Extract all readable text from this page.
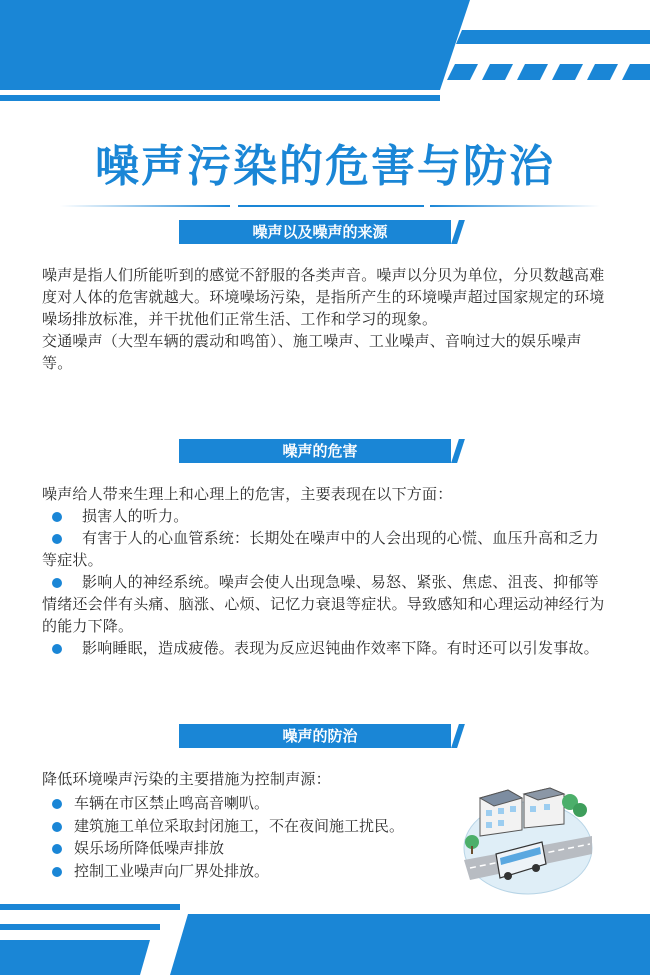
噪声污染的危害与防治
噪声以及噪声的来源

噪声是指人们所能听到的感觉不舒服的各类声音。噪声以分贝为单位，分贝数越高难度对人体的危害就越大。环境噪场污染，是指所产生的环境噪声超过国家规定的环境噪场排放标准，并干扰他们正常生活、工作和学习的现象。

交通噪声（大型车辆的震动和鸣笛）、施工噪声、工业噪声、音响过大的娱乐噪声等。

噪声的危害

噪声给人带来生理上和心理上的危害，主要表现在以下方面：

损害人的听力。

有害于人的心血管系统：长期处在噪声中的人会出现的心慌、血压升高和乏力等症状。

影响人的神经系统。噪声会使人出现急噪、易怒、紧张、焦虑、沮丧、抑郁等情绪还会伴有头痛、脑涨、心烦、记忆力衰退等症状。导致感知和心理运动神经行为的能力下降。

影响睡眠，造成疲倦。表现为反应迟钝曲作效率下降。有时还可以引发事故。

噪声的防治
降低环境噪声污染的主要措施为控制声源：
车辆在市区禁止鸣高音喇叭。
建筑施工单位采取封闭施工，不在夜间施工扰民。
娱乐场所降低噪声排放
控制工业噪声向厂界处排放。
